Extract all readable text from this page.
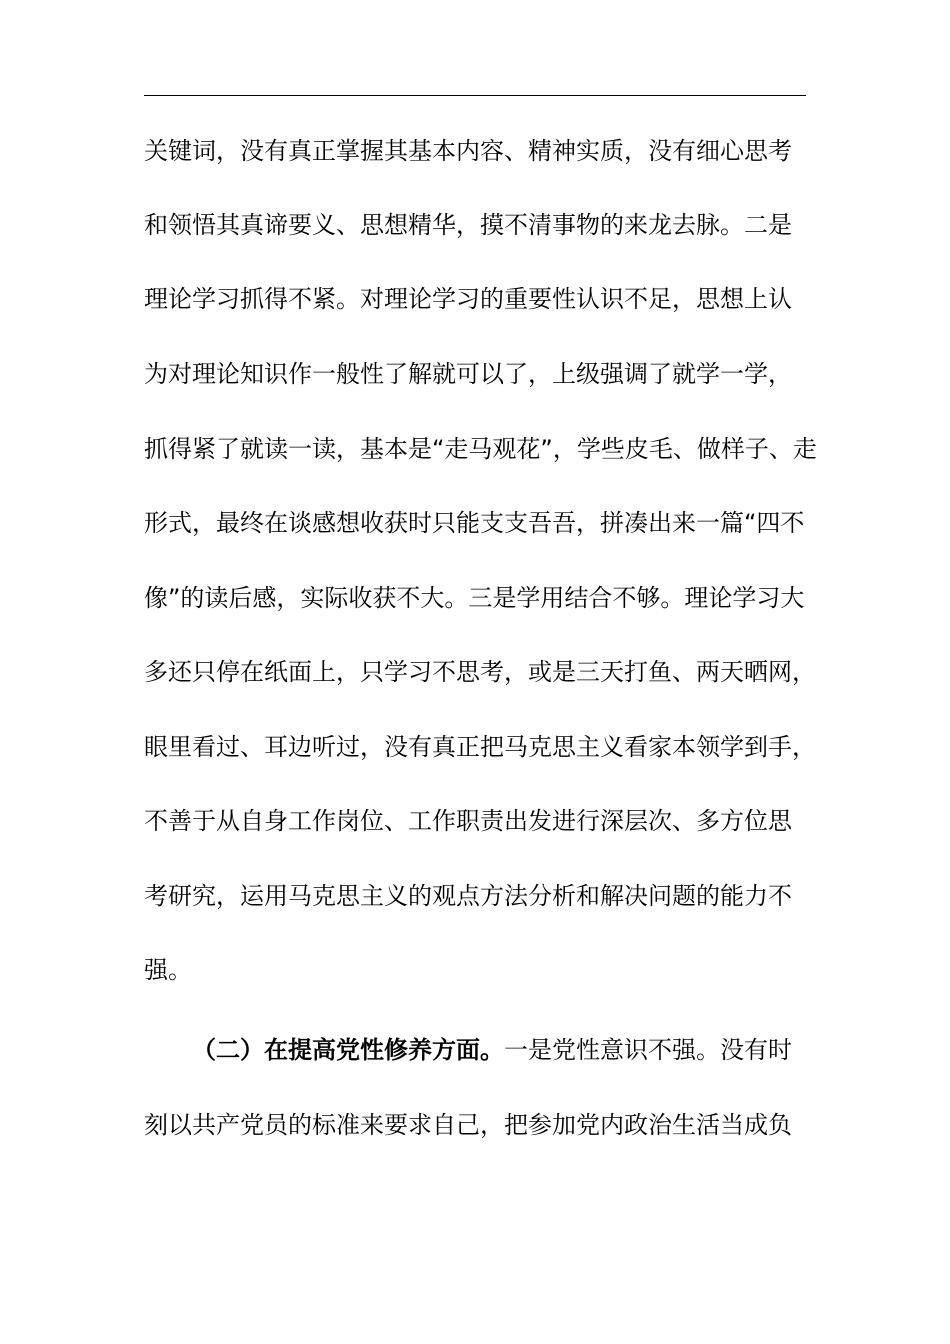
关键词，没有真正掌握其基本内容、精神实质，没有细心思考
和领悟其真谛要义、思想精华，摸不清事物的来龙去脉。二是
理论学习抓得不紧。对理论学习的重要性认识不足，思想上认
为对理论知识作一般性了解就可以了，上级强调了就学一学，
抓得紧了就读一读，基本是“走马观花”，学些皮毛、做样子、走
形式，最终在谈感想收获时只能支支吾吾，拼凑出来一篇“四不
像”的读后感，实际收获不大。三是学用结合不够。理论学习大
多还只停在纸面上，只学习不思考，或是三天打鱼、两天晒网，
眼里看过、耳边听过，没有真正把马克思主义看家本领学到手，
不善于从自身工作岗位、工作职责出发进行深层次、多方位思
考研究，运用马克思主义的观点方法分析和解决问题的能力不
强。
（二）在提高党性修养方面。一是党性意识不强。没有时
刻以共产党员的标准来要求自己，把参加党内政治生活当成负
